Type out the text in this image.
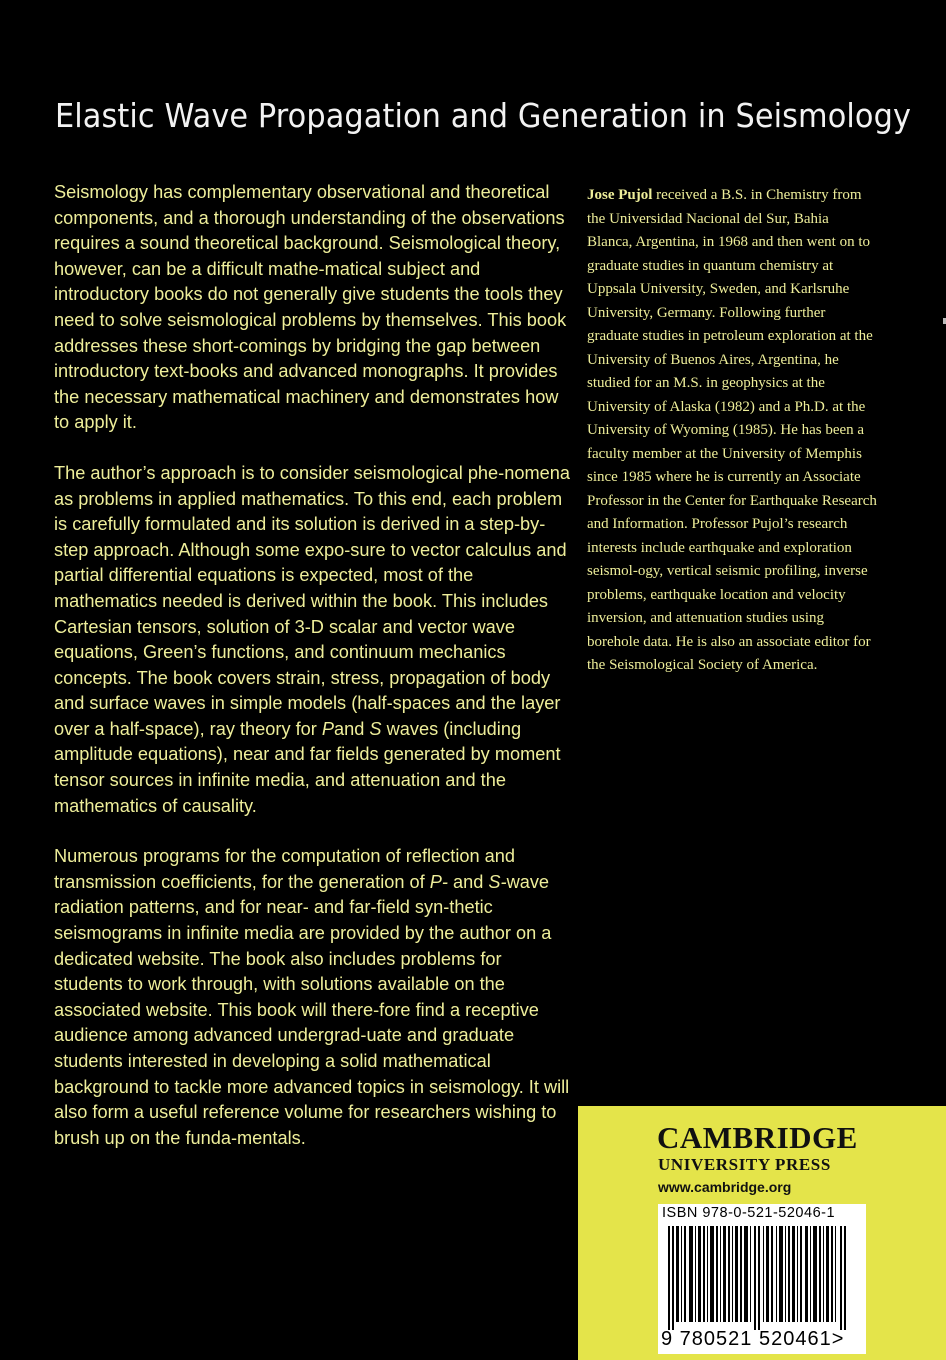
Elastic Wave Propagation and Generation in Seismology

Seismology has complementary observational and theoretical components, and a thorough understanding of the observations requires a sound theoretical background. Seismological theory, however, can be a difficult mathe-matical subject and introductory books do not generally give students the tools they need to solve seismological problems by themselves. This book addresses these short-comings by bridging the gap between introductory text-books and advanced monographs. It provides the necessary mathematical machinery and demonstrates how to apply it.

The author’s approach is to consider seismological phe-nomena as problems in applied mathematics. To this end, each problem is carefully formulated and its solution is derived in a step-by-step approach. Although some expo-sure to vector calculus and partial differential equations is expected, most of the mathematics needed is derived within the book. This includes Cartesian tensors, solution of 3-D scalar and vector wave equations, Green’s functions, and continuum mechanics concepts. The book covers strain, stress, propagation of body and surface waves in simple models (half-spaces and the layer over a half-space), ray theory for Pand S waves (including amplitude equations), near and far fields generated by moment tensor sources in infinite media, and attenuation and the mathematics of causality.

Numerous programs for the computation of reflection and transmission coefficients, for the generation of P- and S-wave radiation patterns, and for near- and far-field syn-thetic seismograms in infinite media are provided by the author on a dedicated website. The book also includes problems for students to work through, with solutions available on the associated website. This book will there-fore find a receptive audience among advanced undergrad-uate and graduate students interested in developing a solid mathematical background to tackle more advanced topics in seismology. It will also form a useful reference volume for researchers wishing to brush up on the funda-mentals.

Jose Pujol received a B.S. in Chemistry from the Universidad Nacional del Sur, Bahia Blanca, Argentina, in 1968 and then went on to graduate studies in quantum chemistry at Uppsala University, Sweden, and Karlsruhe University, Germany. Following further graduate studies in petroleum exploration at the University of Buenos Aires, Argentina, he studied for an M.S. in geophysics at the University of Alaska (1982) and a Ph.D. at the University of Wyoming (1985). He has been a faculty member at the University of Memphis since 1985 where he is currently an Associate Professor in the Center for Earthquake Research and Information. Professor Pujol’s research interests include earthquake and exploration seismol-ogy, vertical seismic profiling, inverse problems, earthquake location and velocity inversion, and attenuation studies using borehole data. He is also an associate editor for the Seismological Society of America.
CAMBRIDGE
UNIVERSITY PRESS
www.cambridge.org
ISBN 978-0-521-52046-1
9 780521 520461>
